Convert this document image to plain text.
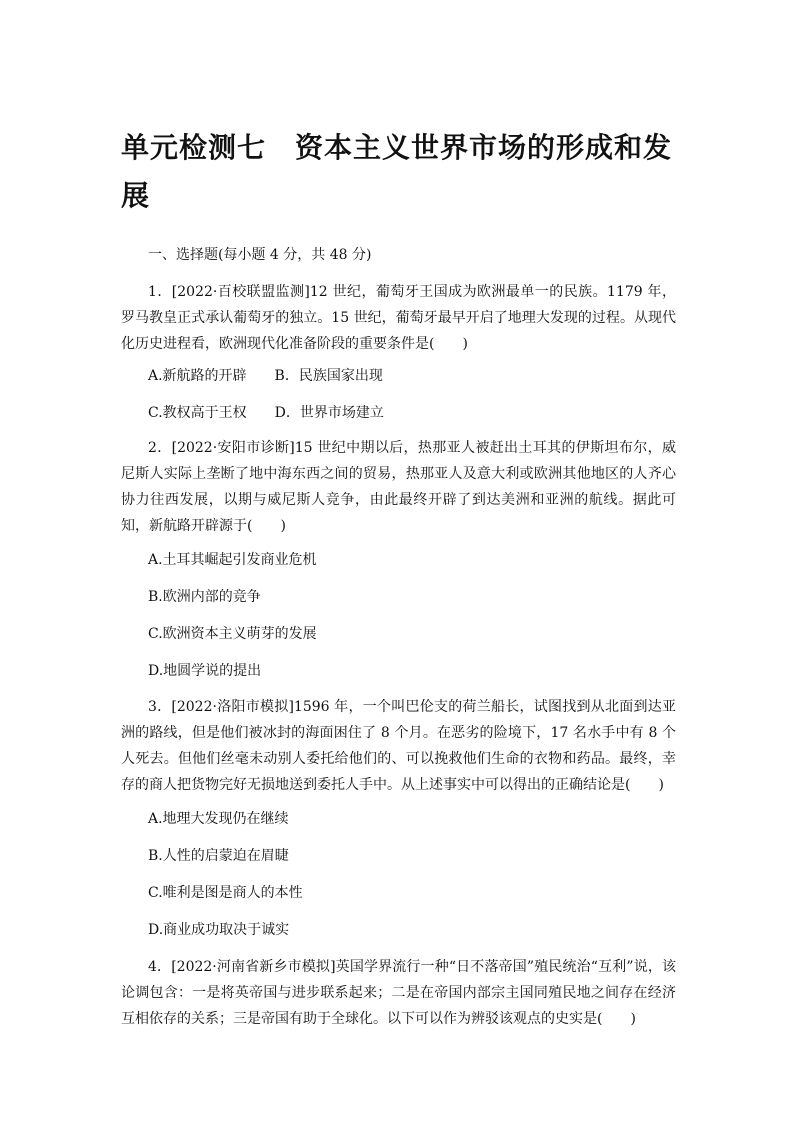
单元检测七　资本主义世界市场的形成和发展

一、选择题(每小题 4 分，共 48 分)

1．[2022·百校联盟监测]12 世纪，葡萄牙王国成为欧洲最单一的民族。1179 年，罗马教皇正式承认葡萄牙的独立。15 世纪，葡萄牙最早开启了地理大发现的过程。从现代化历史进程看，欧洲现代化准备阶段的重要条件是(　　)

A.新航路的开辟　　B．民族国家出现

C.教权高于王权　　D．世界市场建立

2．[2022·安阳市诊断]15 世纪中期以后，热那亚人被赶出土耳其的伊斯坦布尔，威尼斯人实际上垄断了地中海东西之间的贸易，热那亚人及意大利或欧洲其他地区的人齐心协力往西发展，以期与威尼斯人竞争，由此最终开辟了到达美洲和亚洲的航线。据此可知，新航路开辟源于(　　)

A.土耳其崛起引发商业危机

B.欧洲内部的竞争

C.欧洲资本主义萌芽的发展

D.地圆学说的提出

3．[2022·洛阳市模拟]1596 年，一个叫巴伦支的荷兰船长，试图找到从北面到达亚洲的路线，但是他们被冰封的海面困住了 8 个月。在恶劣的险境下，17 名水手中有 8 个人死去。但他们丝毫未动别人委托给他们的、可以挽救他们生命的衣物和药品。最终，幸存的商人把货物完好无损地送到委托人手中。从上述事实中可以得出的正确结论是(　　)

A.地理大发现仍在继续

B.人性的启蒙迫在眉睫

C.唯利是图是商人的本性

D.商业成功取决于诚实

4．[2022·河南省新乡市模拟]英国学界流行一种“日不落帝国”殖民统治“互利”说，该论调包含：一是将英帝国与进步联系起来；二是在帝国内部宗主国同殖民地之间存在经济互相依存的关系；三是帝国有助于全球化。以下可以作为辨驳该观点的史实是(　　)
